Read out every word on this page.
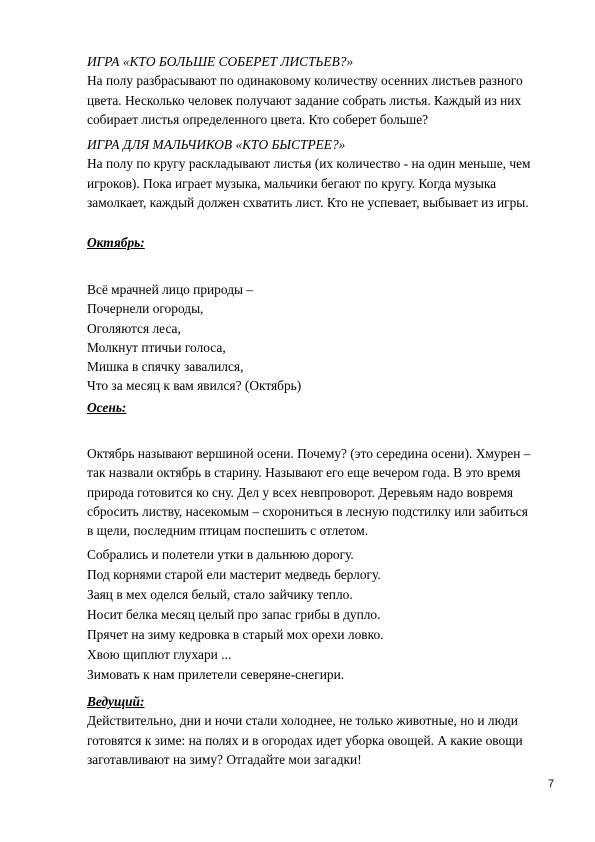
ИГРА «КТО БОЛЬШЕ СОБЕРЕТ ЛИСТЬЕВ?»

На полу разбрасывают по одинаковому количеству осенних листьев разного
цвета. Несколько человек получают задание собрать листья. Каждый из них
собирает листья определенного цвета. Кто соберет больше?

ИГРА ДЛЯ МАЛЬЧИКОВ «КТО БЫСТРЕЕ?»

На полу по кругу раскладывают листья (их количество - на один меньше, чем
игроков). Пока играет музыка, мальчики бегают по кругу. Когда музыка
замолкает, каждый должен схватить лист. Кто не успевает, выбывает из игры.

Октябрь:

Всё мрачней лицо природы –
Почернели огороды,
Оголяются леса,
Молкнут птичьи голоса,
Мишка в спячку завалился,
Что за месяц к вам явился? (Октябрь)

Осень:

Октябрь называют вершиной осени. Почему? (это середина осени). Хмурен –
так назвали октябрь в старину. Называют его еще вечером года. В это время
природа готовится ко сну. Дел у всех невпроворот. Деревьям надо вовремя
сбросить листву, насекомым – схорониться в лесную подстилку или забиться
в щели, последним птицам поспешить с отлетом.
Собрались и полетели утки в дальнюю дорогу.
Под корнями старой ели мастерит медведь берлогу.
Заяц в мех оделся белый, стало зайчику тепло.
Носит белка месяц целый про запас грибы в дупло.
Прячет на зиму кедровка в старый мох орехи ловко.
Хвою щиплют глухари ...
Зимовать к нам прилетели северяне-снегири.

Ведущий:

Действительно, дни и ночи стали холоднее, не только животные, но и люди
готовятся к зиме: на полях и в огородах идет уборка овощей. А какие овощи
заготавливают на зиму? Отгадайте мои загадки!
7
